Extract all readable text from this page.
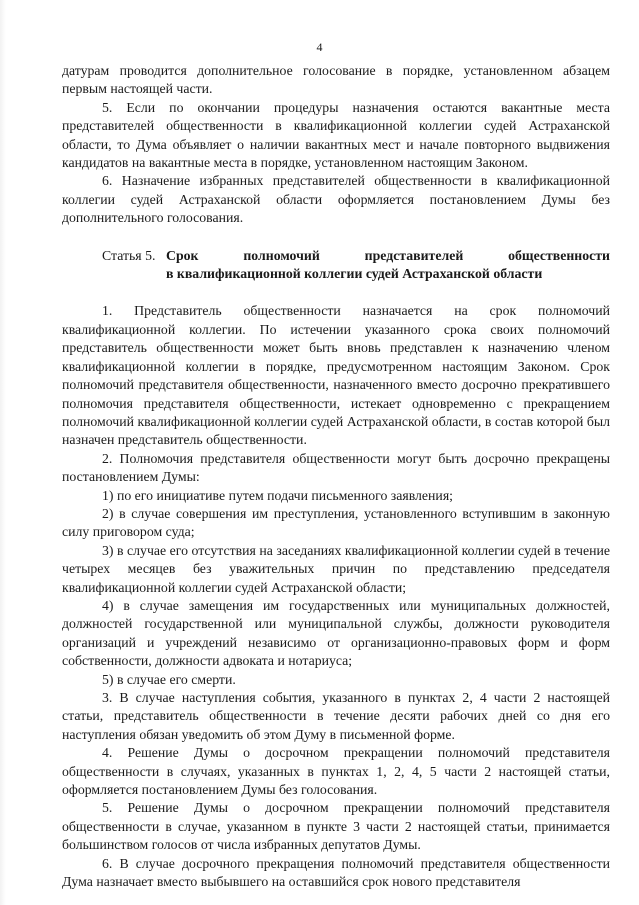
4

датурам проводится дополнительное голосование в порядке, установленном абзацем первым настоящей части.

5. Если по окончании процедуры назначения остаются вакантные места представителей общественности в квалификационной коллегии судей Астраханской области, то Дума объявляет о наличии вакантных мест и начале повторного выдвижения кандидатов на вакантные места в порядке, установленном настоящим Законом.

6. Назначение избранных представителей общественности в квалификационной коллегии судей Астраханской области оформляется постановлением Думы без дополнительного голосования.

Статья 5. Срок полномочий представителей общественности
в квалификационной коллегии судей Астраханской области

1. Представитель общественности назначается на срок полномочий квалификационной коллегии. По истечении указанного срока своих полномочий представитель общественности может быть вновь представлен к назначению членом квалификационной коллегии в порядке, предусмотренном настоящим Законом. Срок полномочий представителя общественности, назначенного вместо досрочно прекратившего полномочия представителя общественности, истекает одновременно с прекращением полномочий квалификационной коллегии судей Астраханской области, в состав которой был назначен представитель общественности.

2. Полномочия представителя общественности могут быть досрочно прекращены постановлением Думы:

1) по его инициативе путем подачи письменного заявления;

2) в случае совершения им преступления, установленного вступившим в законную силу приговором суда;

3) в случае его отсутствия на заседаниях квалификационной коллегии судей в течение четырех месяцев без уважительных причин по представлению председателя квалификационной коллегии судей Астраханской области;

4) в случае замещения им государственных или муниципальных должностей, должностей государственной или муниципальной службы, должности руководителя организаций и учреждений независимо от организационно-правовых форм и форм собственности, должности адвоката и нотариуса;

5) в случае его смерти.

3. В случае наступления события, указанного в пунктах 2, 4 части 2 настоящей статьи, представитель общественности в течение десяти рабочих дней со дня его наступления обязан уведомить об этом Думу в письменной форме.

4. Решение Думы о досрочном прекращении полномочий представителя общественности в случаях, указанных в пунктах 1, 2, 4, 5 части 2 настоящей статьи, оформляется постановлением Думы без голосования.

5. Решение Думы о досрочном прекращении полномочий представителя общественности в случае, указанном в пункте 3 части 2 настоящей статьи, принимается большинством голосов от числа избранных депутатов Думы.

6. В случае досрочного прекращения полномочий представителя общественности Дума назначает вместо выбывшего на оставшийся срок нового представителя
